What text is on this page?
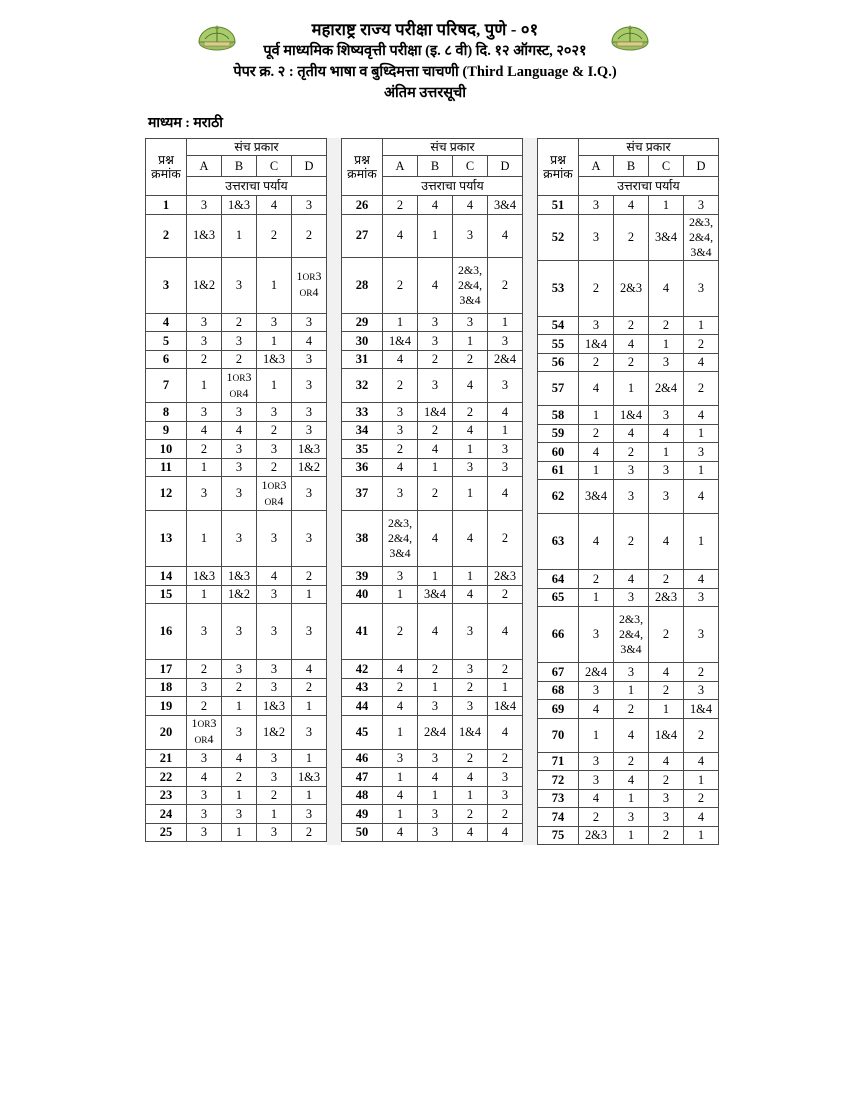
महाराष्ट्र राज्य परीक्षा परिषद, पुणे - ०१
पूर्व माध्यमिक शिष्यवृत्ती परीक्षा (इ. ८ वी) दि. १२ ऑगस्ट, २०२१
पेपर क्र. २ : तृतीय भाषा व बुध्दिमत्ता चाचणी (Third Language & I.Q.)
अंतिम उत्तरसूची
माध्यम : मराठी
प्रश्न
क्रमांक	संच प्रकार			
	A	B	C	D
	उत्तराचा पर्याय			
1	3	1&3	4	3
2	1&3	1	2	2
3	1&2	3	1	1OR3
OR4

4	3	2	3	3
5	3	3	1	4
6	2	2	1&3	3
7	1	1OR3
OR4	1	3
8	3	3	3	3
9	4	4	2	3
10	2	3	3	1&3
11	1	3	2	1&2
12	3	3	1OR3
OR4	3
13	1	3	3	3
14	1&3	1&3	4	2
15	1	1&2	3	1
16	3	3	3	3
17	2	3	3	4
18	3	2	3	2
19	2	1	1&3	1
20	1OR3
OR4	3	1&2	3
21	3	4	3	1
22	4	2	3	1&3
23	3	1	2	1
24	3	3	1	3
25	3	1	3	2
प्रश्न
क्रमांक	संच प्रकार			
	A	B	C	D
	उत्तराचा पर्याय			
26	2	4	4	3&4
27	4	1	3	4
28	2	4	2&3,
2&4,
3&4	2
29	1	3	3	1
30	1&4	3	1	3
31	4	2	2	2&4
32	2	3	4	3
33	3	1&4	2	4
34	3	2	4	1
35	2	4	1	3
36	4	1	3	3
37	3	2	1	4
38	2&3,
2&4,
3&4	4	4	2
39	3	1	1	2&3
40	1	3&4	4	2
41	2	4	3	4
42	4	2	3	2
43	2	1	2	1
44	4	3	3	1&4
45	1	2&4	1&4	4
46	3	3	2	2
47	1	4	4	3
48	4	1	1	3
49	1	3	2	2
50	4	3	4	4
प्रश्न
क्रमांक	संच प्रकार			
	A	B	C	D
	उत्तराचा पर्याय			
51	3	4	1	3
52	3	2	3&4	2&3,
2&4,
3&4

53	2	2&3	4	3
54	3	2	2	1
55	1&4	4	1	2
56	2	2	3	4
57	4	1	2&4	2
58	1	1&4	3	4
59	2	4	4	1
60	4	2	1	3
61	1	3	3	1
62	3&4	3	3	4
63	4	2	4	1
64	2	4	2	4
65	1	3	2&3	3
66	3	2&3,
2&4,
3&4	2	3
67	2&4	3	4	2
68	3	1	2	3
69	4	2	1	1&4
70	1	4	1&4	2
71	3	2	4	4
72	3	4	2	1
73	4	1	3	2
74	2	3	3	4
75	2&3	1	2	1
